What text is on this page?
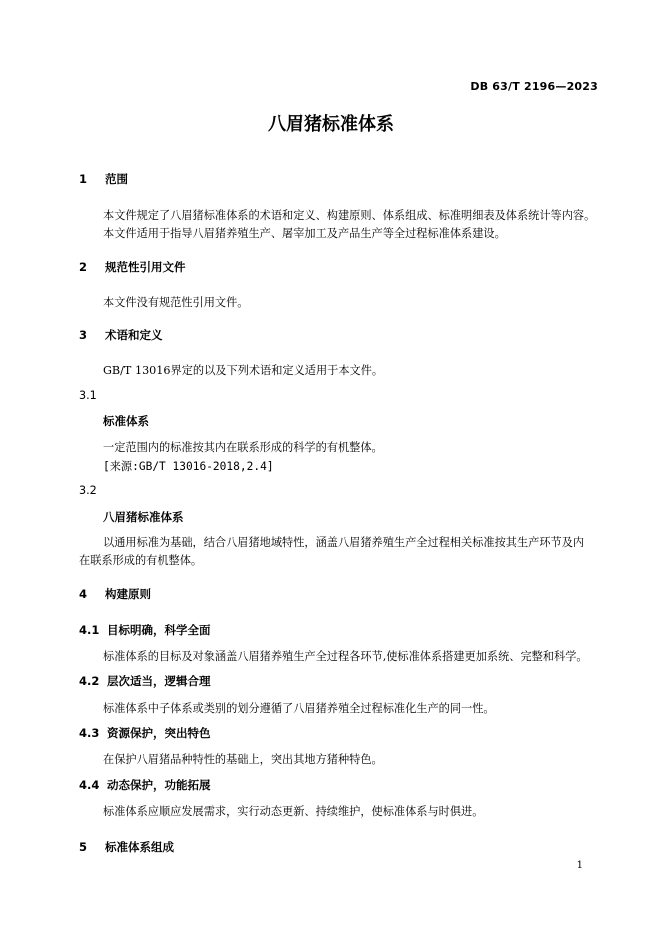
DB 63/T 2196—2023
八眉猪标准体系
1 范围
本文件规定了八眉猪标准体系的术语和定义、构建原则、体系组成、标准明细表及体系统计等内容。
本文件适用于指导八眉猪养殖生产、屠宰加工及产品生产等全过程标准体系建设。
2 规范性引用文件
本文件没有规范性引用文件。
3 术语和定义
GB/T 13016界定的以及下列术语和定义适用于本文件。
3.1
标准体系
一定范围内的标准按其内在联系形成的科学的有机整体。
[来源:GB/T 13016-2018,2.4]
3.2
八眉猪标准体系
以通用标准为基础，结合八眉猪地域特性，涵盖八眉猪养殖生产全过程相关标准按其生产环节及内
在联系形成的有机整体。
4 构建原则
4.1 目标明确，科学全面
标准体系的目标及对象涵盖八眉猪养殖生产全过程各环节,使标准体系搭建更加系统、完整和科学。
4.2 层次适当，逻辑合理
标准体系中子体系或类别的划分遵循了八眉猪养殖全过程标准化生产的同一性。
4.3 资源保护，突出特色
在保护八眉猪品种特性的基础上，突出其地方猪种特色。
4.4 动态保护，功能拓展
标准体系应顺应发展需求，实行动态更新、持续维护，使标准体系与时俱进。
5 标准体系组成
1
